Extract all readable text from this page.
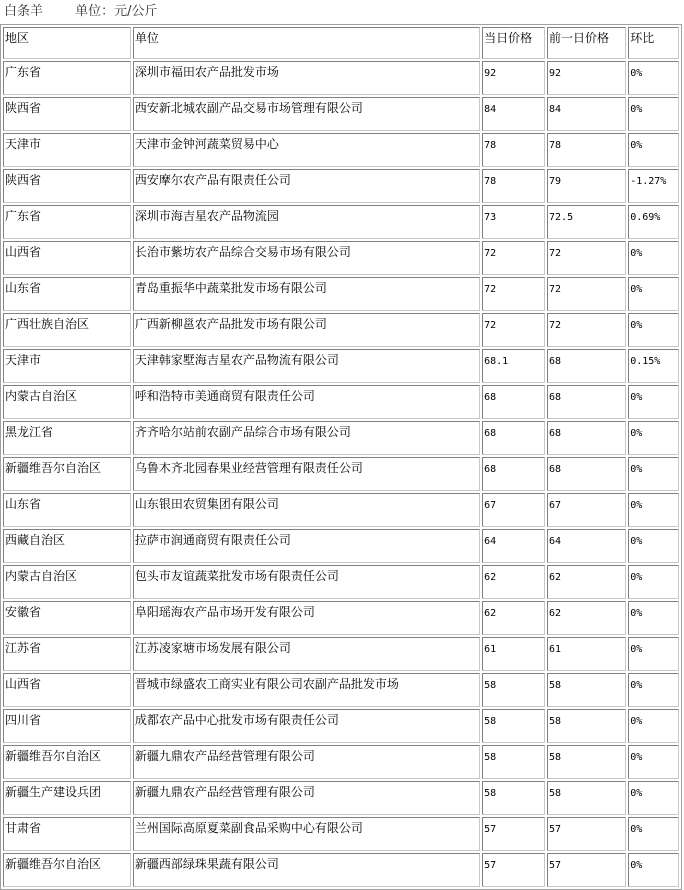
白条羊 单位：元/公斤
地区	单位	当日价格	前一日价格	环比
广东省	深圳市福田农产品批发市场	92	92	0%
陕西省	西安新北城农副产品交易市场管理有限公司	84	84	0%
天津市	天津市金钟河蔬菜贸易中心	78	78	0%
陕西省	西安摩尔农产品有限责任公司	78	79	-1.27%
广东省	深圳市海吉星农产品物流园	73	72.5	0.69%
山西省	长治市紫坊农产品综合交易市场有限公司	72	72	0%
山东省	青岛重振华中蔬菜批发市场有限公司	72	72	0%
广西壮族自治区	广西新柳邕农产品批发市场有限公司	72	72	0%
天津市	天津韩家墅海吉星农产品物流有限公司	68.1	68	0.15%
内蒙古自治区	呼和浩特市美通商贸有限责任公司	68	68	0%
黑龙江省	齐齐哈尔站前农副产品综合市场有限公司	68	68	0%
新疆维吾尔自治区	乌鲁木齐北园春果业经营管理有限责任公司	68	68	0%
山东省	山东银田农贸集团有限公司	67	67	0%
西藏自治区	拉萨市润通商贸有限责任公司	64	64	0%
内蒙古自治区	包头市友谊蔬菜批发市场有限责任公司	62	62	0%
安徽省	阜阳瑶海农产品市场开发有限公司	62	62	0%
江苏省	江苏凌家塘市场发展有限公司	61	61	0%
山西省	晋城市绿盛农工商实业有限公司农副产品批发市场	58	58	0%
四川省	成都农产品中心批发市场有限责任公司	58	58	0%
新疆维吾尔自治区	新疆九鼎农产品经营管理有限公司	58	58	0%
新疆生产建设兵团	新疆九鼎农产品经营管理有限公司	58	58	0%
甘肃省	兰州国际高原夏菜副食品采购中心有限公司	57	57	0%
新疆维吾尔自治区	新疆西部绿珠果蔬有限公司	57	57	0%
